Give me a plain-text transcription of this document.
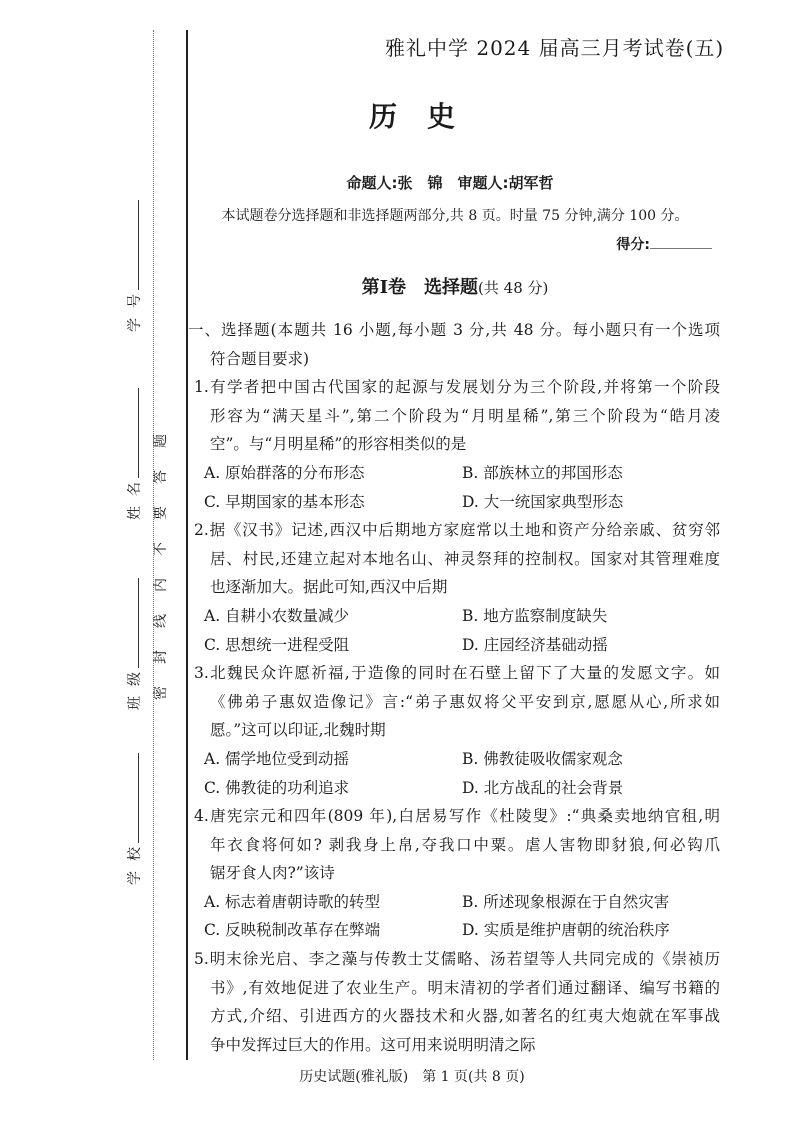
学号
姓名
班级
学校
密封线内不要答题
雅礼中学 2024 届高三月考试卷(五)
历史
命题人:张　锦　审题人:胡军哲
本试题卷分选择题和非选择题两部分,共 8 页。时量 75 分钟,满分 100 分。
得分:
第Ⅰ卷　选择题(共 48 分)
一、选择题(本题共 16 小题,每小题 3 分,共 48 分。每小题只有一个选项
符合题目要求)
1.有学者把中国古代国家的起源与发展划分为三个阶段,并将第一个阶段
形容为“满天星斗”,第二个阶段为“月明星稀”,第三个阶段为“皓月凌
空”。与“月明星稀”的形容相类似的是
A. 原始群落的分布形态	B. 部族林立的邦国形态
C. 早期国家的基本形态	D. 大一统国家典型形态
2.据《汉书》记述,西汉中后期地方家庭常以土地和资产分给亲戚、贫穷邻
居、村民,还建立起对本地名山、神灵祭拜的控制权。国家对其管理难度
也逐渐加大。据此可知,西汉中后期
A. 自耕小农数量减少	B. 地方监察制度缺失
C. 思想统一进程受阻	D. 庄园经济基础动摇
3.北魏民众许愿祈福,于造像的同时在石壁上留下了大量的发愿文字。如
《佛弟子惠奴造像记》言:“弟子惠奴将父平安到京,愿愿从心,所求如
愿。”这可以印证,北魏时期
A. 儒学地位受到动摇	B. 佛教徒吸收儒家观念
C. 佛教徒的功利追求	D. 北方战乱的社会背景
4.唐宪宗元和四年(809 年),白居易写作《杜陵叟》:“典桑卖地纳官租,明
年衣食将何如? 剥我身上帛,夺我口中粟。虐人害物即豺狼,何必钩爪
锯牙食人肉?”该诗
A. 标志着唐朝诗歌的转型	B. 所述现象根源在于自然灾害
C. 反映税制改革存在弊端	D. 实质是维护唐朝的统治秩序
5.明末徐光启、李之藻与传教士艾儒略、汤若望等人共同完成的《崇祯历
书》,有效地促进了农业生产。明末清初的学者们通过翻译、编写书籍的
方式,介绍、引进西方的火器技术和火器,如著名的红夷大炮就在军事战
争中发挥过巨大的作用。这可用来说明明清之际
历史试题(雅礼版)　第 1 页(共 8 页)
